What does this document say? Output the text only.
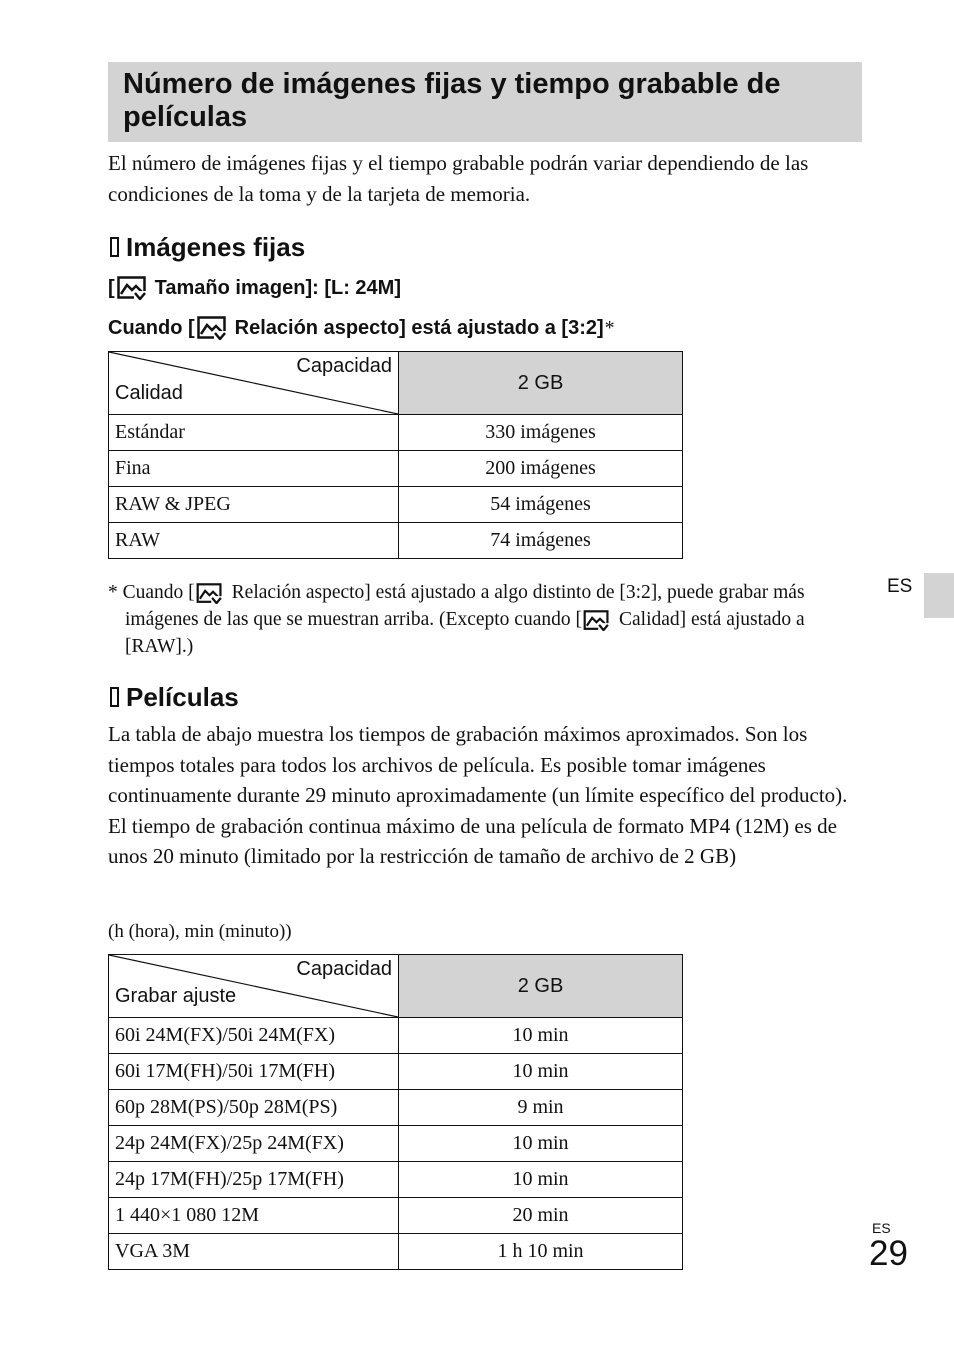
Número de imágenes fijas y tiempo grabable de películas

El número de imágenes fijas y el tiempo grabable podrán variar dependiendo de las condiciones de la toma y de la tarjeta de memoria.

Imágenes fijas
[ Tamaño imagen]: [L: 24M]
Cuando [ Relación aspecto] está ajustado a [3:2] *
Capacidad
Calidad	2 GB
Estándar	330 imágenes
Fina	200 imágenes
RAW & JPEG	54 imágenes
RAW	74 imágenes

* Cuando [ Relación aspecto] está ajustado a algo distinto de [3:2], puede grabar más imágenes de las que se muestran arriba. (Excepto cuando [ Calidad] está ajustado a [RAW].)

Películas

La tabla de abajo muestra los tiempos de grabación máximos aproximados. Son los tiempos totales para todos los archivos de película. Es posible tomar imágenes continuamente durante 29 minuto aproximadamente (un límite específico del producto). El tiempo de grabación continua máximo de una película de formato MP4 (12M) es de unos 20 minuto (limitado por la restricción de tamaño de archivo de 2 GB)

(h (hora), min (minuto))

Capacidad
Grabar ajuste	2 GB
60i 24M(FX)/50i 24M(FX)	10 min
60i 17M(FH)/50i 17M(FH)	10 min
60p 28M(PS)/50p 28M(PS)	9 min
24p 24M(FX)/25p 24M(FX)	10 min
24p 17M(FH)/25p 17M(FH)	10 min
1 440×1 080 12M	20 min
VGA 3M	1 h 10 min
ES
ES
29
